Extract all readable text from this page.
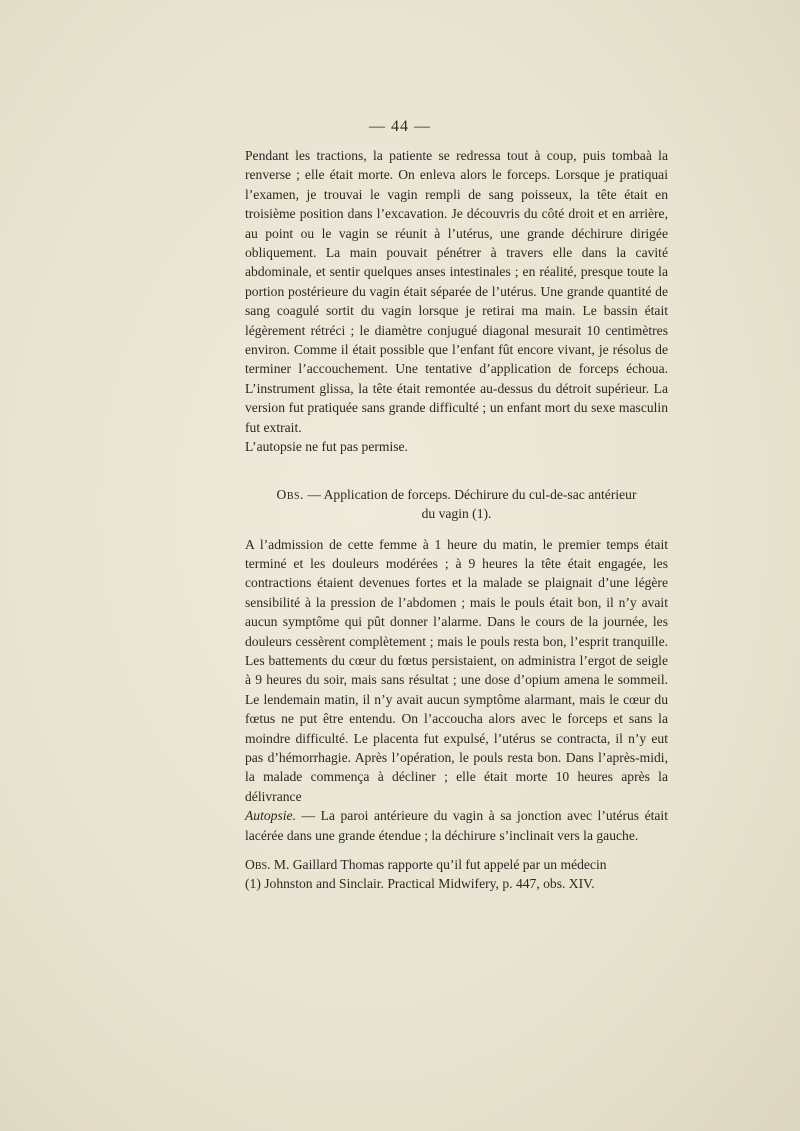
— 44 —

Pendant les tractions, la patiente se redressa tout à coup, puis tombaà la renverse ; elle était morte. On enleva alors le forceps. Lorsque je pratiquai l’examen, je trouvai le vagin rempli de sang poisseux, la tête était en troisième position dans l’excavation. Je découvris du côté droit et en arrière, au point ou le vagin se réunit à l’utérus, une grande déchirure dirigée obliquement. La main pouvait pénétrer à travers elle dans la cavité abdominale, et sentir quelques anses intestinales ; en réalité, presque toute la portion postérieure du vagin était séparée de l’utérus. Une grande quantité de sang coagulé sortit du vagin lorsque je retirai ma main. Le bassin était légèrement rétréci ; le diamètre conjugué diagonal mesurait 10 centimètres environ. Comme il était possible que l’enfant fût encore vivant, je résolus de terminer l’accouchement. Une tentative d’application de forceps échoua. L’instrument glissa, la tête était remontée au-dessus du détroit supérieur. La version fut pratiquée sans grande difficulté ; un enfant mort du sexe masculin fut extrait.

L’autopsie ne fut pas permise.

Obs. — Application de forceps. Déchirure du cul-de-sac antérieur
du vagin (1).

A l’admission de cette femme à 1 heure du matin, le premier temps était terminé et les douleurs modérées ; à 9 heures la tête était engagée, les contractions étaient devenues fortes et la malade se plaignait d’une légère sensibilité à la pression de l’abdomen ; mais le pouls était bon, il n’y avait aucun symptôme qui pût donner l’alarme. Dans le cours de la journée, les douleurs cessèrent complètement ; mais le pouls resta bon, l’esprit tranquille. Les battements du cœur du fœtus persistaient, on administra l’ergot de seigle à 9 heures du soir, mais sans résultat ; une dose d’opium amena le sommeil. Le lendemain matin, il n’y avait aucun symptôme alarmant, mais le cœur du fœtus ne put être entendu. On l’accoucha alors avec le forceps et sans la moindre difficulté. Le placenta fut expulsé, l’utérus se contracta, il n’y eut pas d’hémorrhagie. Après l’opération, le pouls resta bon. Dans l’après-midi, la malade commença à décliner ; elle était morte 10 heures après la délivrance

Autopsie. — La paroi antérieure du vagin à sa jonction avec l’utérus était lacérée dans une grande étendue ; la déchirure s’inclinait vers la gauche.

Obs. M. Gaillard Thomas rapporte qu’il fut appelé par un médecin

(1) Johnston and Sinclair. Practical Midwifery, p. 447, obs. XIV.
